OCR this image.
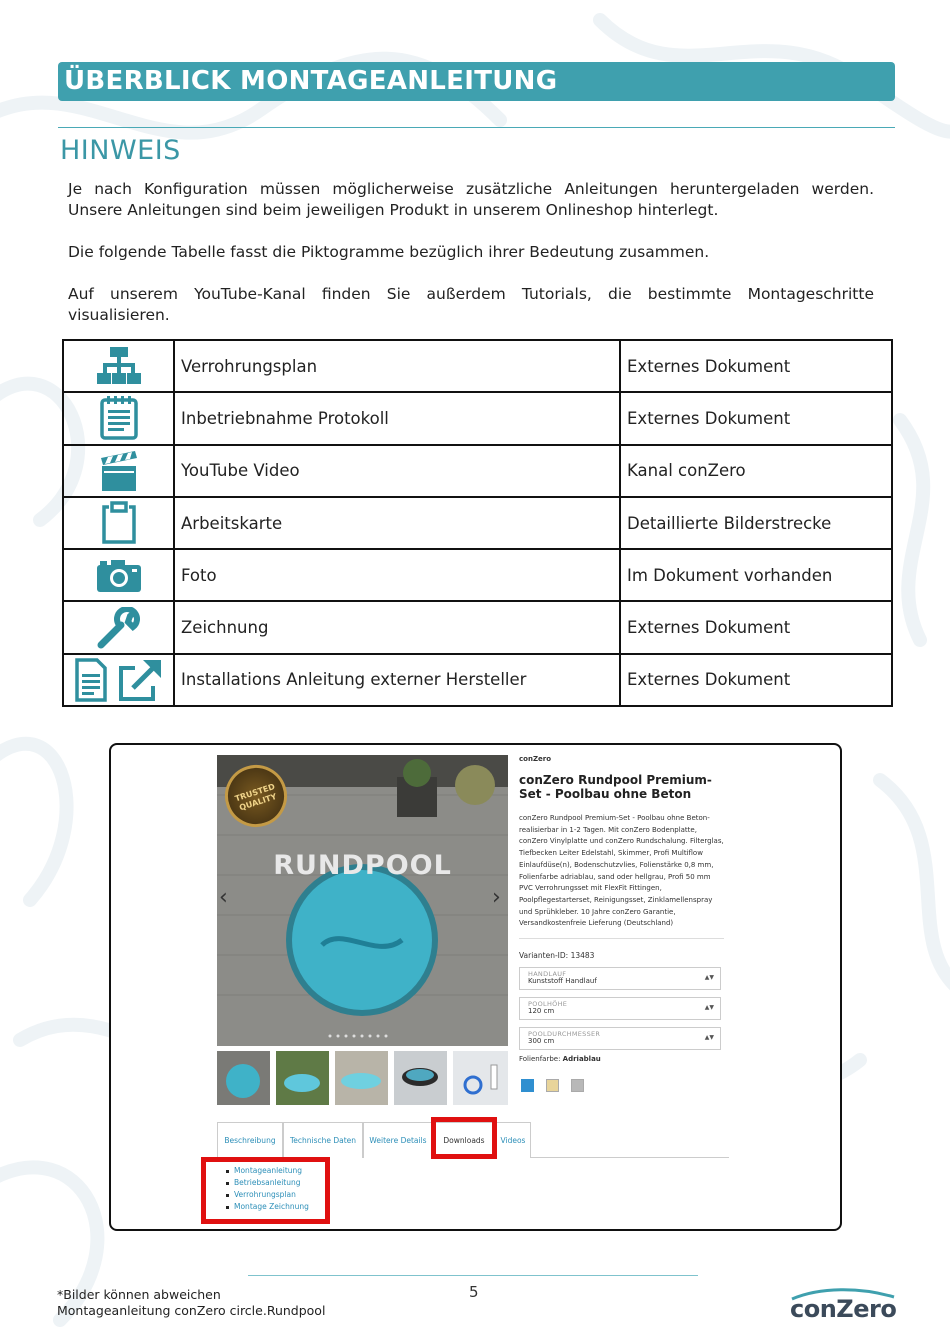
ÜBERBLICK MONTAGEANLEITUNG
HINWEIS

Je nach Konfiguration müssen möglicherweise zusätzliche Anleitungen heruntergeladen werden. Unsere Anleitungen sind beim jeweiligen Produkt in unserem Onlineshop hinterlegt.

Die folgende Tabelle fasst die Piktogramme bezüglich ihrer Bedeutung zusammen.

Auf unserem YouTube-Kanal finden Sie außerdem Tutorials, die bestimmte Montageschritte visualisieren.

	Verrohrungsplan	Externes Dokument
	Inbetriebnahme Protokoll	Externes Dokument
	YouTube Video	Kanal conZero
	Arbeitskarte	Detaillierte Bilderstrecke
	Foto	Im Dokument vorhanden
	Zeichnung	Externes Dokument
	Installations Anleitung externer Hersteller	Externes Dokument
TRUSTED QUALITY
RUNDPOOL
‹	›
conZero
conZero Rundpool Premium-Set - Poolbau ohne Beton
conZero Rundpool Premium-Set - Poolbau ohne Beton-realisierbar in 1-2 Tagen. Mit conZero Bodenplatte, conZero Vinylplatte und conZero Rundschalung. Filterglas, Tiefbecken Leiter Edelstahl, Skimmer, Profi Multiflow Einlaufdüse(n), Bodenschutzvlies, Folienstärke 0,8 mm, Folienfarbe adriablau, sand oder hellgrau, Profi 50 mm PVC Verrohrungsset mit FlexFit Fittingen, Poolpflegestarterset, Reinigungsset, Zinklamellenspray und Sprühkleber. 10 Jahre conZero Garantie, Versandkostenfreie Lieferung (Deutschland)
Varianten-ID: 13483
HANDLAUF
Kunststoff Handlauf	▲▼
POOLHÖHE
120 cm	▲▼
POOLDURCHMESSER
300 cm	▲▼
Folienfarbe: Adriablau
Beschreibung	Technische Daten	Weitere Details	Downloads	Videos
Montageanleitung
Betriebsanleitung
Verrohrungsplan
Montage Zeichnung
5
*Bilder können abweichen
Montageanleitung conZero circle.Rundpool	conZero
